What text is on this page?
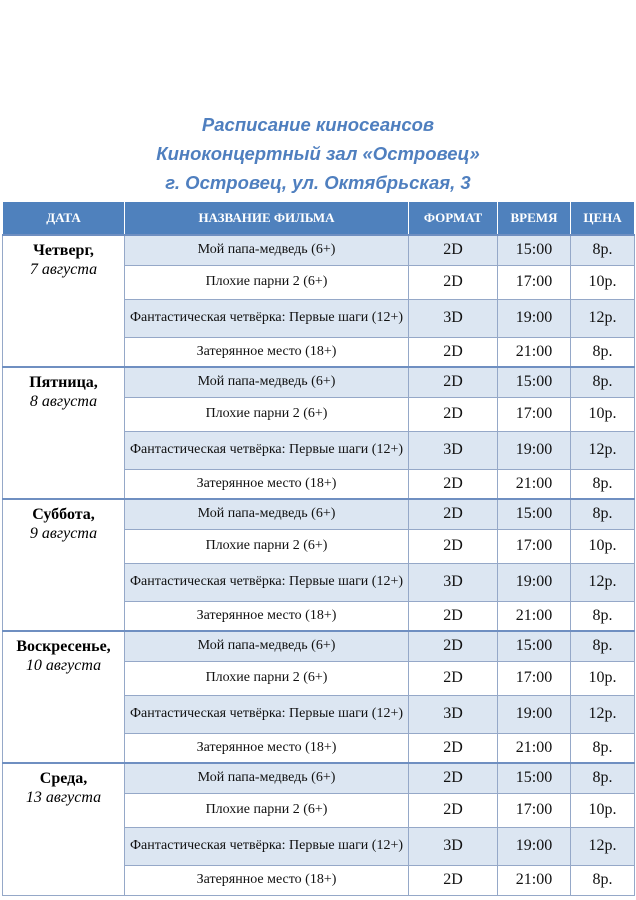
Расписание киносеансов
Киноконцертный зал «Островец»
г. Островец, ул. Октябрьская, 3
ДАТА	НАЗВАНИЕ ФИЛЬМА	ФОРМАТ	ВРЕМЯ	ЦЕНА

Четверг,
7 августа	Мой папа-медведь (6+)	2D	15:00	8р.
	Плохие парни 2 (6+)	2D	17:00	10р.
	Фантастическая четвёрка: Первые шаги (12+)	3D	19:00	12р.
	Затерянное место (18+)	2D	21:00	8р.

Пятница,
8 августа	Мой папа-медведь (6+)	2D	15:00	8р.
	Плохие парни 2 (6+)	2D	17:00	10р.
	Фантастическая четвёрка: Первые шаги (12+)	3D	19:00	12р.
	Затерянное место (18+)	2D	21:00	8р.

Суббота,
9 августа	Мой папа-медведь (6+)	2D	15:00	8р.
	Плохие парни 2 (6+)	2D	17:00	10р.
	Фантастическая четвёрка: Первые шаги (12+)	3D	19:00	12р.
	Затерянное место (18+)	2D	21:00	8р.

Воскресенье,
10 августа	Мой папа-медведь (6+)	2D	15:00	8р.
	Плохие парни 2 (6+)	2D	17:00	10р.
	Фантастическая четвёрка: Первые шаги (12+)	3D	19:00	12р.
	Затерянное место (18+)	2D	21:00	8р.

Среда,
13 августа	Мой папа-медведь (6+)	2D	15:00	8р.
	Плохие парни 2 (6+)	2D	17:00	10р.
	Фантастическая четвёрка: Первые шаги (12+)	3D	19:00	12р.
	Затерянное место (18+)	2D	21:00	8р.
